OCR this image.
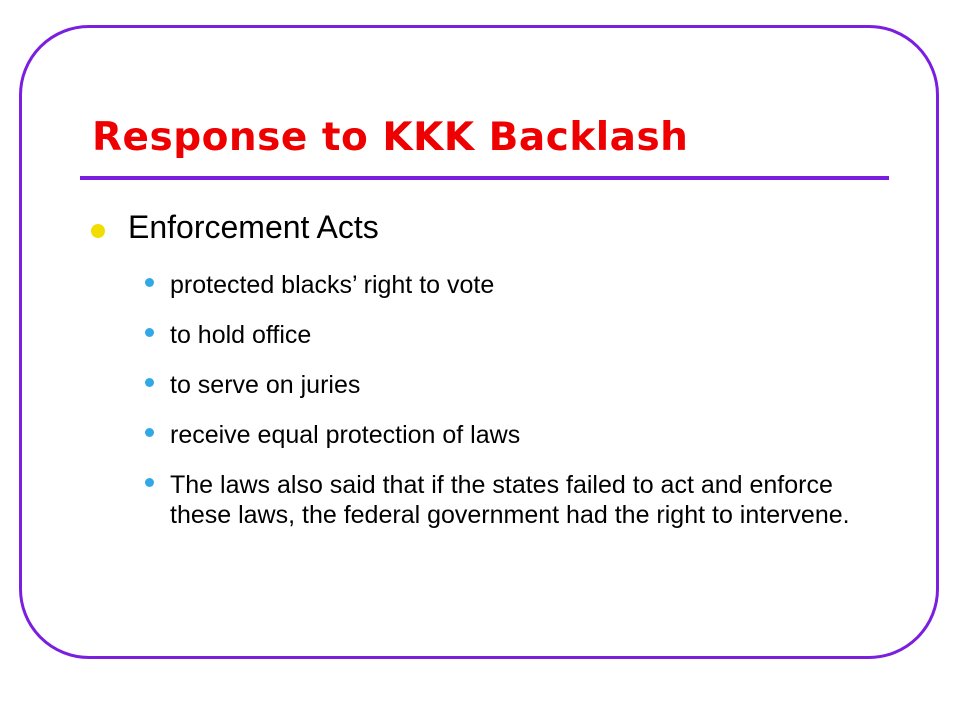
Response to KKK Backlash
Enforcement Acts
protected blacks’ right to vote
to hold office
to serve on juries
receive equal protection of laws
The laws also said that if the states failed to act and enforce these laws, the federal government had the right to intervene.
